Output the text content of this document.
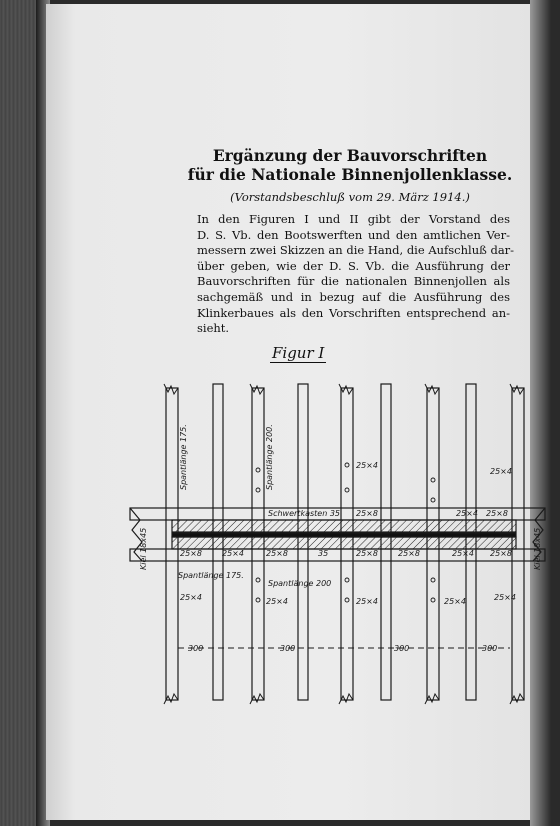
Ergänzung der Bauvorschriften
für die Nationale Binnenjollenklasse.
(Vorstandsbeschluß vom 29. März 1914.)
In den Figuren I und II gibt der Vorstand des
D. S. Vb. den Bootswerften und den amtlichen Ver-
messern zwei Skizzen an die Hand, die Aufschluß dar-
über geben, wie der D. S. Vb. die Ausführung der
Bauvorschriften für die nationalen Binnenjollen als
sachgemäß und in bezug auf die Ausführung des
Klinkerbaues als den Vorschriften entsprechend an-
sieht.
Figur I
Spantlänge 175.	Spantlänge 200.
Kiel 18x45	Kiel 18x45
Schwertkasten 35
Spantlänge 175.
Spantlänge 200
25×4
25×4
25×8	25×4 25×8
25×8	25×4	25×8	35	25×8	25×8	25×4 25×8
25×4	25×4	25×4	25×4	25×4
300	300	300	300
